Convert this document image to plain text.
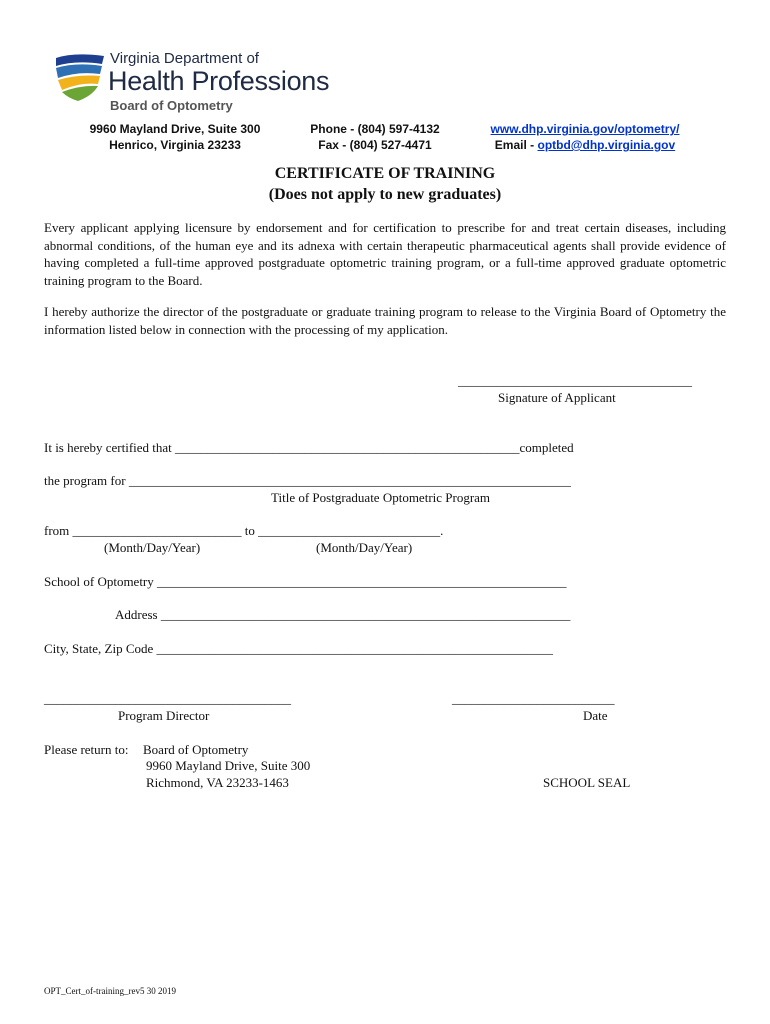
Virginia Department of
Health Professions
Board of Optometry
9960 Mayland Drive, Suite 300
Henrico, Virginia 23233
Phone - (804) 597-4132
Fax - (804) 527-4471
www.dhp.virginia.gov/optometry/
Email - optbd@dhp.virginia.gov
CERTIFICATE OF TRAINING
(Does not apply to new graduates)
Every applicant applying licensure by endorsement and for certification to prescribe for and treat certain diseases, including abnormal conditions, of the human eye and its adnexa with certain therapeutic pharmaceutical agents shall provide evidence of having completed a full-time approved postgraduate optometric training program, or a full-time approved graduate optometric training program to the Board.
I hereby authorize the director of the postgraduate or graduate training program to release to the Virginia Board of Optometry the information listed below in connection with the processing of my application.
____________________________________
Signature of Applicant
It is hereby certified that _____________________________________________________completed
the program for ____________________________________________________________________
Title of Postgraduate Optometric Program
from __________________________ to ____________________________.
(Month/Day/Year)	(Month/Day/Year)
School of Optometry _______________________________________________________________
Address _______________________________________________________________
City, State, Zip Code _____________________________________________________________
______________________________________
Program Director
_________________________
Date
Please return to: Board of Optometry
9960 Mayland Drive, Suite 300
Richmond, VA 23233-1463	SCHOOL SEAL
OPT_Cert_of-training_rev5 30 2019
